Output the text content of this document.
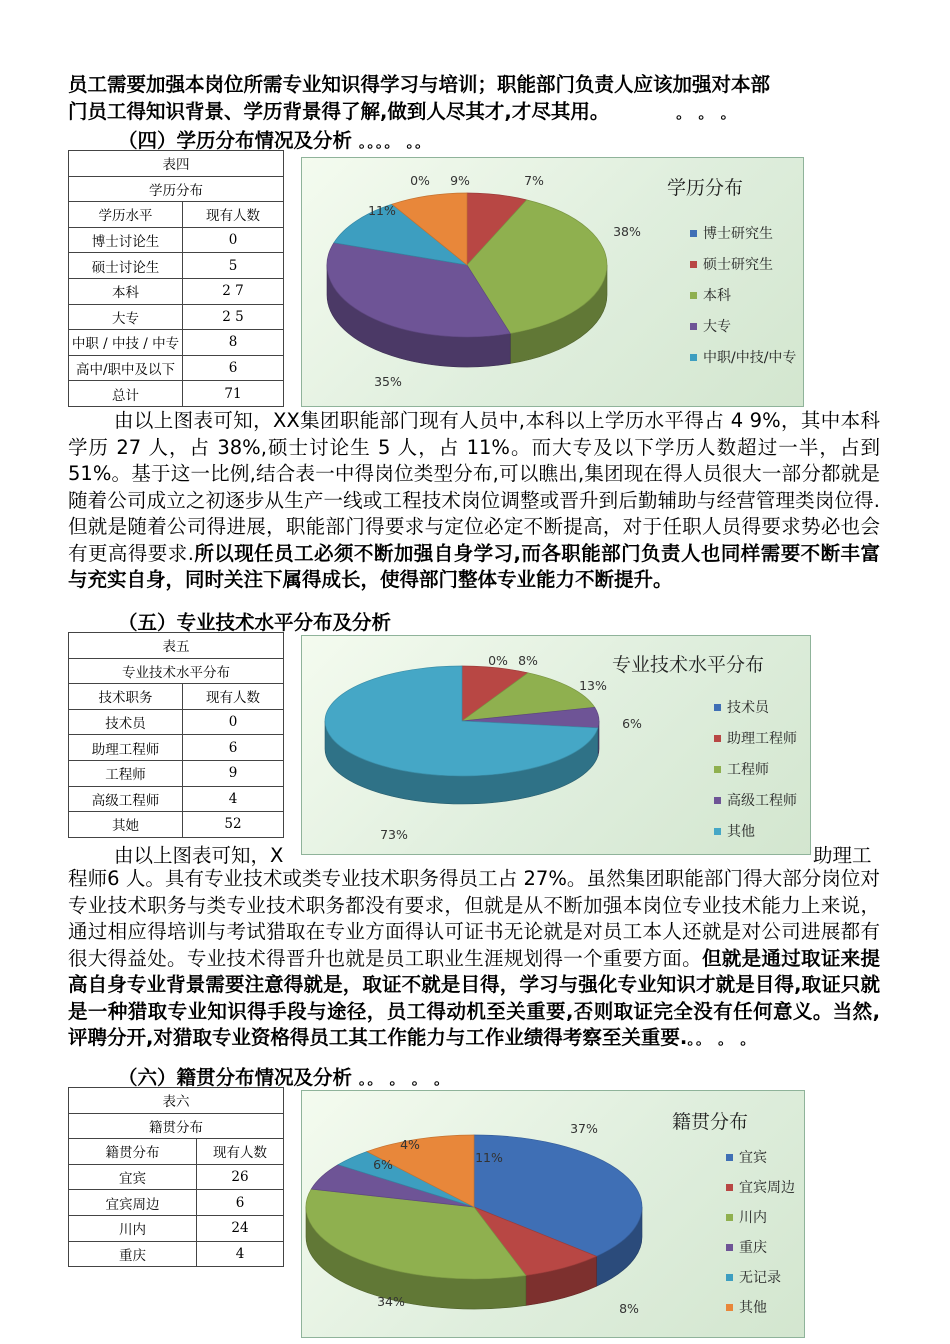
员工需要加强本岗位所需专业知识得学习与培训；职能部门负责人应该加强对本部
门员工得知识背景、学历背景得了解,做到人尽其才,才尽其用。	。 。 。

（四）学历分布情况及分析 。。。。 。。

表四	
学历分布	
学历水平	现有人数
博士讨论生	0
硕士讨论生	5
本科	2 7
大专	2 5
中职 / 中技 / 中专	8
高中/职中及以下	6
总计	71
学历分布
0%	7%
38%
35%
11%
9%
博士研究生
硕士研究生
本科
大专
中职/中技/中专

由以上图表可知，XX集团职能部门现有人员中,本科以上学历水平得占 4 9%，其中本科学历 27 人，占 38%,硕士讨论生 5 人，占 11%。而大专及以下学历人数超过一半，占到 51%。基于这一比例,结合表一中得岗位类型分布,可以瞧出,集团现在得人员很大一部分都就是随着公司成立之初逐步从生产一线或工程技术岗位调整或晋升到后勤辅助与经营管理类岗位得.但就是随着公司得进展，职能部门得要求与定位必定不断提高，对于任职人员得要求势必也会有更高得要求.所以现任员工必须不断加强自身学习,而各职能部门负责人也同样需要不断丰富与充实自身，同时关注下属得成长，使得部门整体专业能力不断提升。

（五）专业技术水平分布及分析

表五	
专业技术水平分布	
技术职务	现有人数
技术员	0
助理工程师	6
工程师	9
高级工程师	4
其她	52
专业技术水平分布
0% 8%
13%
6%
73%
技术员
助理工程师
工程师
高级工程师
其他

由以上图表可知，X	助理工

程师6 人。具有专业技术或类专业技术职务得员工占 27%。虽然集团职能部门得大部分岗位对专业技术职务与类专业技术职务都没有要求，但就是从不断加强本岗位专业技术能力上来说，通过相应得培训与考试猎取在专业方面得认可证书无论就是对员工本人还就是对公司进展都有很大得益处。专业技术得晋升也就是员工职业生涯规划得一个重要方面。但就是通过取证来提高自身专业背景需要注意得就是，取证不就是目得，学习与强化专业知识才就是目得,取证只就是一种猎取专业知识得手段与途径，员工得动机至关重要,否则取证完全没有任何意义。当然,评聘分开,对猎取专业资格得员工其工作能力与工作业绩得考察至关重要.。。 。 。

（六）籍贯分布情况及分析 。。 。 。 。

表六	
籍贯分布	
籍贯分布	现有人数
宜宾	26
宜宾周边	6
川内	24
重庆	4
籍贯分布
37%
8%
34%
6%
4%
11%	宜宾
宜宾周边
川内
重庆
无记录
其他
